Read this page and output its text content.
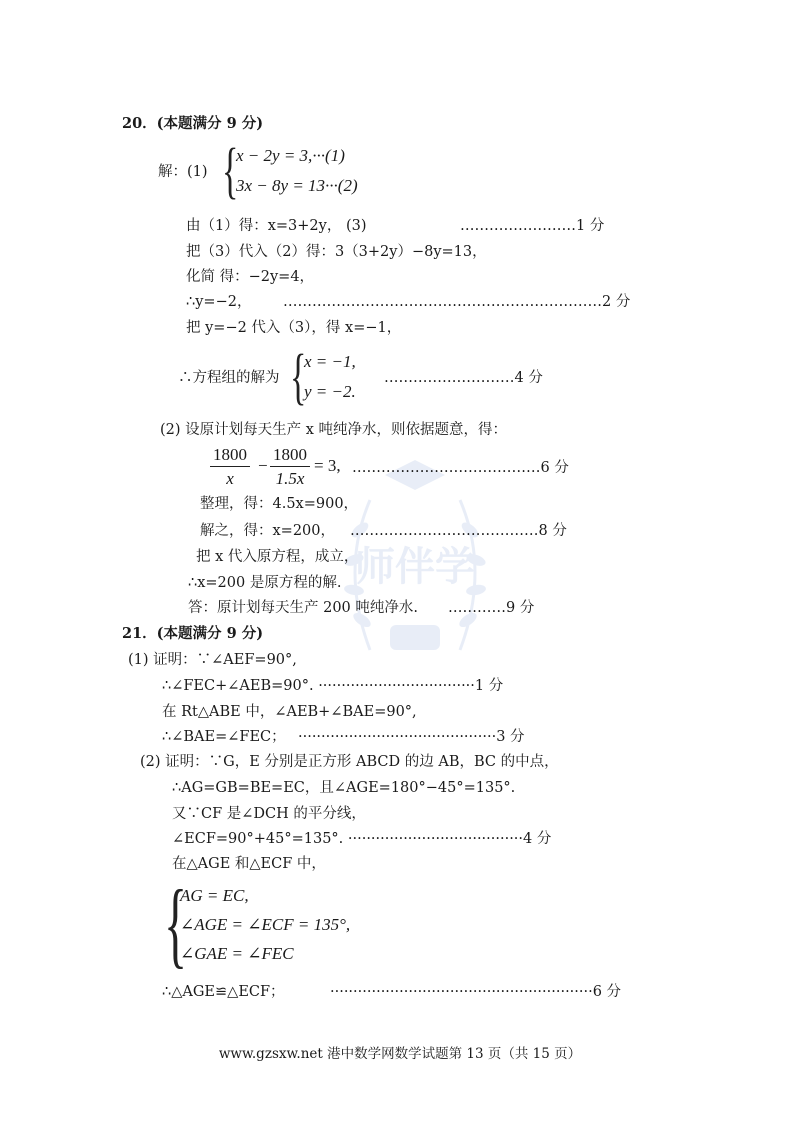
师伴学
20．(本题满分 9 分)
解：(1) {
x − 2y = 3,···(1)
3x − 8y = 13···(2)
由（1）得：x=3+2y， (3)	……………………1 分
把（3）代入（2）得：3（3+2y）−8y=13，
化简 得：−2y=4，
∴y=−2， …………………………………………………………2 分
把 y=−2 代入（3），得 x=−1，
∴方程组的解为 {
x = −1,
y = −2.
………………………4 分
(2) 设原计划每天生产 x 吨纯净水，则依据题意，得：
$\frac{1800}{x} - \frac{1800}{1.5x} = 3$, …………………………………6 分
整理，得：4.5x=900，
解之，得：x=200， …………………………………8 分
把 x 代入原方程，成立，
∴x=200 是原方程的解.
答：原计划每天生产 200 吨纯净水. …………9 分
21．(本题满分 9 分)
(1) 证明：∵∠AEF=90°,
∴∠FEC+∠AEB=90°. ··································1 分
在 Rt△ABE 中，∠AEB+∠BAE=90°,
∴∠BAE=∠FEC； ···········································3 分
(2) 证明：∵G，E 分别是正方形 ABCD 的边 AB，BC 的中点，
∴AG=GB=BE=EC，且∠AGE=180°−45°=135°.
又∵CF 是∠DCH 的平分线，
∠ECF=90°+45°=135°. ······································4 分
在△AGE 和△ECF 中，
{
AG = EC,
∠AGE = ∠ECF = 135°,
∠GAE = ∠FEC
∴△AGE≌△ECF；	·························································6 分
www.gzsxw.net 港中数学网数学试题第 13 页（共 15 页）
